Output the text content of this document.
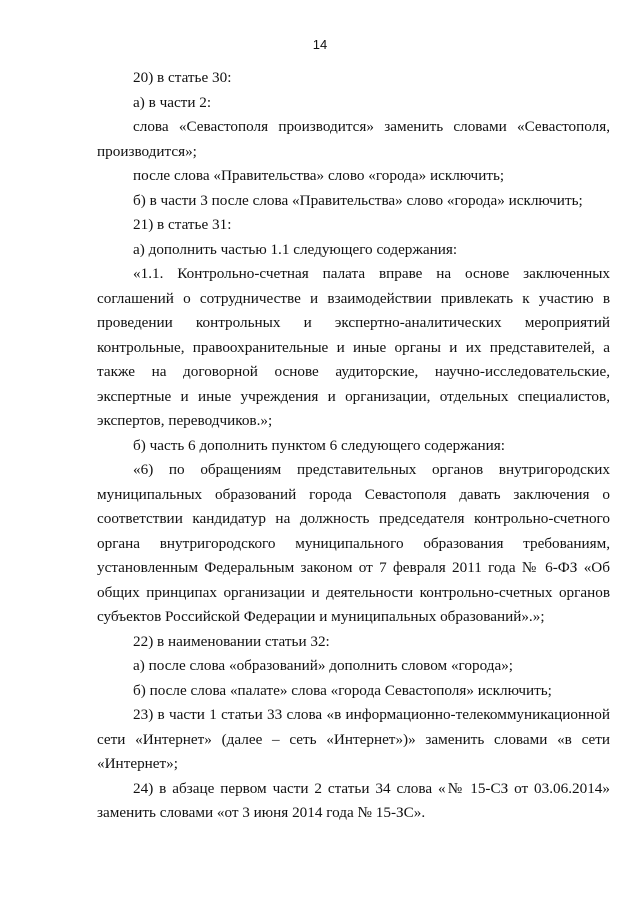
14

20) в статье 30:

а) в части 2:

слова «Севастополя производится» заменить словами «Севастополя, производится»;

после слова «Правительства» слово «города» исключить;

б) в части 3 после слова «Правительства» слово «города» исключить;

21) в статье 31:

а) дополнить частью 1.1 следующего содержания:

«1.1. Контрольно-счетная палата вправе на основе заключенных соглашений о сотрудничестве и взаимодействии привлекать к участию в проведении контрольных и экспертно-аналитических мероприятий контрольные, правоохранительные и иные органы и их представителей, а также на договорной основе аудиторские, научно-исследовательские, экспертные и иные учреждения и организации, отдельных специалистов, экспертов, переводчиков.»;

б) часть 6 дополнить пунктом 6 следующего содержания:

«6) по обращениям представительных органов внутригородских муниципальных образований города Севастополя давать заключения о соответствии кандидатур на должность председателя контрольно-счетного органа внутригородского муниципального образования требованиям, установленным Федеральным законом от 7 февраля 2011 года № 6-ФЗ «Об общих принципах организации и деятельности контрольно-счетных органов субъектов Российской Федерации и муниципальных образований».»;

22) в наименовании статьи 32:

а) после слова «образований» дополнить словом «города»;

б) после слова «палате» слова «города Севастополя» исключить;

23) в части 1 статьи 33 слова «в информационно-телекоммуникационной сети «Интернет» (далее – сеть «Интернет»)» заменить словами «в сети «Интернет»;

24) в абзаце первом части 2 статьи 34 слова «№ 15-СЗ от 03.06.2014» заменить словами «от 3 июня 2014 года № 15-ЗС».
